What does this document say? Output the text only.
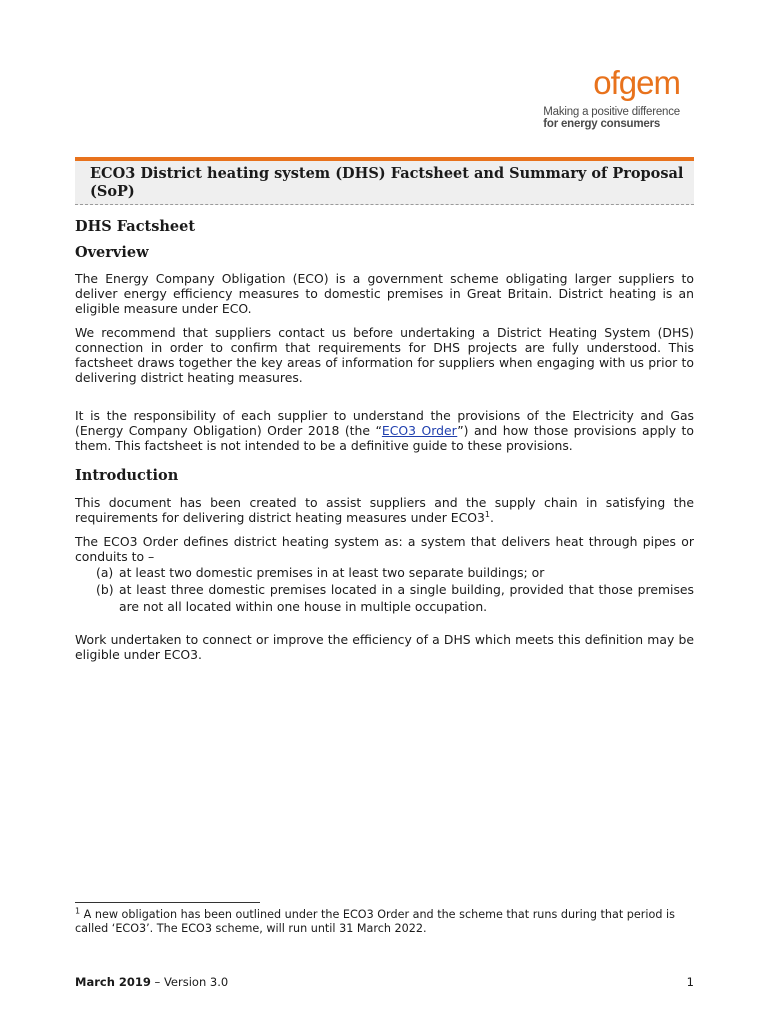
ofgem
Making a positive difference
for energy consumers
ECO3 District heating system (DHS) Factsheet and Summary of Proposal (SoP)
DHS Factsheet
Overview

The Energy Company Obligation (ECO) is a government scheme obligating larger suppliers to deliver energy efficiency measures to domestic premises in Great Britain. District heating is an eligible measure under ECO.

We recommend that suppliers contact us before undertaking a District Heating System (DHS) connection in order to confirm that requirements for DHS projects are fully understood. This factsheet draws together the key areas of information for suppliers when engaging with us prior to delivering district heating measures.

It is the responsibility of each supplier to understand the provisions of the Electricity and Gas (Energy Company Obligation) Order 2018 (the “ECO3 Order”) and how those provisions apply to them. This factsheet is not intended to be a definitive guide to these provisions.

Introduction

This document has been created to assist suppliers and the supply chain in satisfying the requirements for delivering district heating measures under $ECO3^1$.

The ECO3 Order defines district heating system as: a system that delivers heat through pipes or conduits to –

(a) at least two domestic premises in at least two separate buildings; or
(b) at least three domestic premises located in a single building, provided that those premises are not all located within one house in multiple occupation.

Work undertaken to connect or improve the efficiency of a DHS which meets this definition may be eligible under ECO3.

$^1$ A new obligation has been outlined under the ECO3 Order and the scheme that runs during that period is called ‘ECO3’. The ECO3 scheme, will run until 31 March 2022.
March 2019 – Version 3.0	1
